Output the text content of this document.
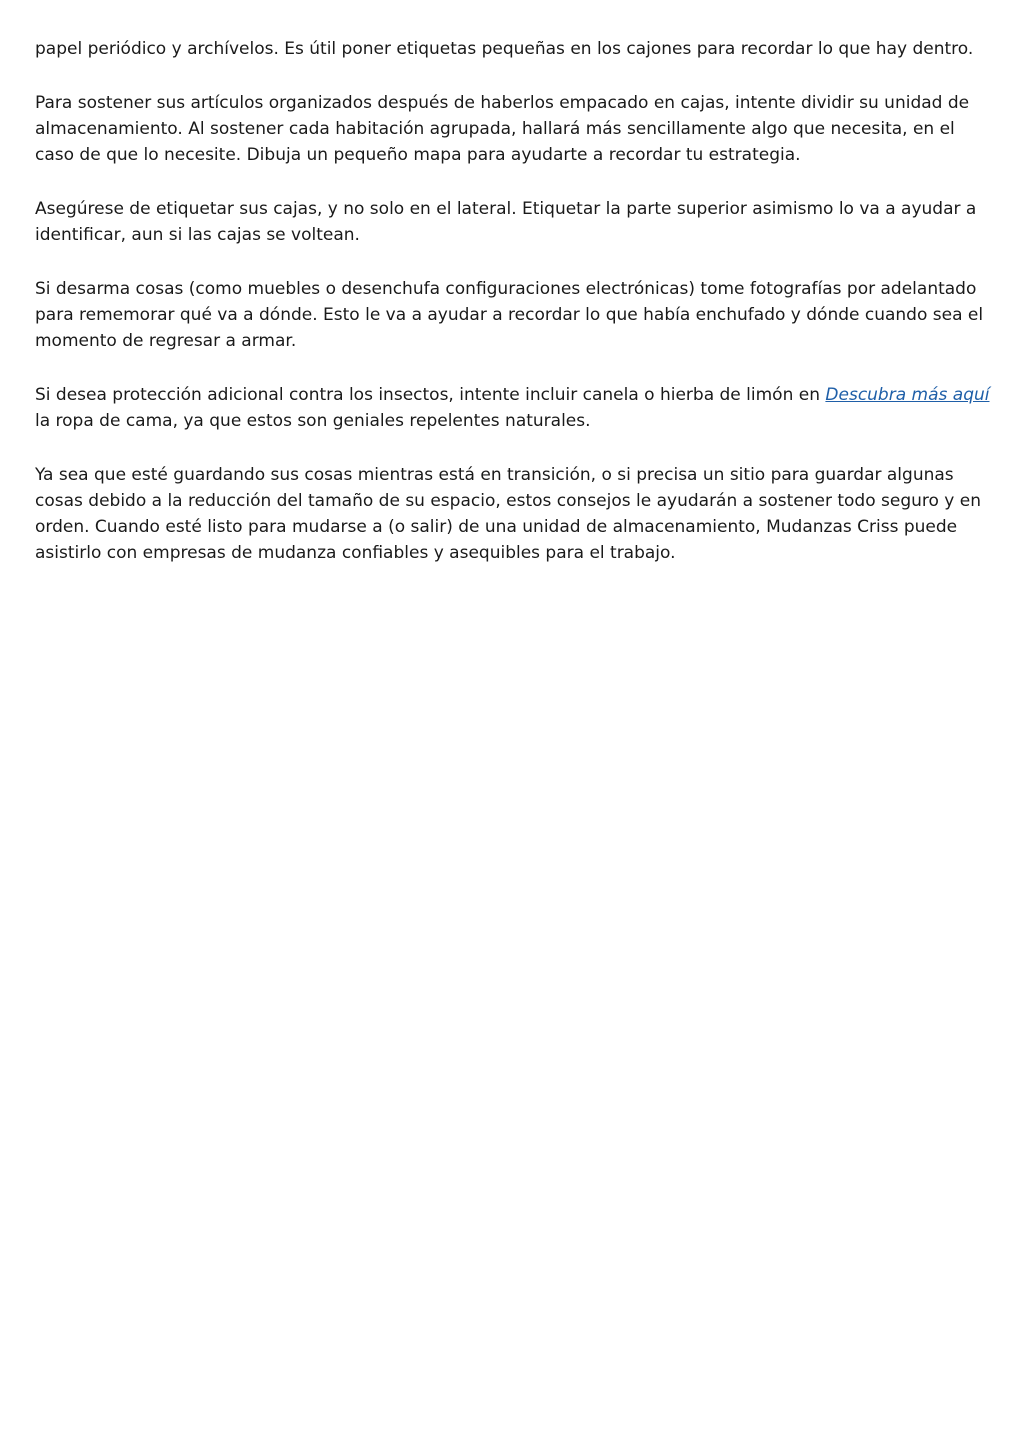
papel periódico y archívelos. Es útil poner etiquetas pequeñas en los cajones para recordar lo que hay dentro.

Para sostener sus artículos organizados después de haberlos empacado en cajas, intente dividir su unidad de almacenamiento. Al sostener cada habitación agrupada, hallará más sencillamente algo que necesita, en el caso de que lo necesite. Dibuja un pequeño mapa para ayudarte a recordar tu estrategia.

Asegúrese de etiquetar sus cajas, y no solo en el lateral. Etiquetar la parte superior asimismo lo va a ayudar a identificar, aun si las cajas se voltean.

Si desarma cosas (como muebles o desenchufa configuraciones electrónicas) tome fotografías por adelantado para rememorar qué va a dónde. Esto le va a ayudar a recordar lo que había enchufado y dónde cuando sea el momento de regresar a armar.

Si desea protección adicional contra los insectos, intente incluir canela o hierba de limón en Descubra más aquí la ropa de cama, ya que estos son geniales repelentes naturales.

Ya sea que esté guardando sus cosas mientras está en transición, o si precisa un sitio para guardar algunas cosas debido a la reducción del tamaño de su espacio, estos consejos le ayudarán a sostener todo seguro y en orden. Cuando esté listo para mudarse a (o salir) de una unidad de almacenamiento, Mudanzas Criss puede asistirlo con empresas de mudanza confiables y asequibles para el trabajo.
